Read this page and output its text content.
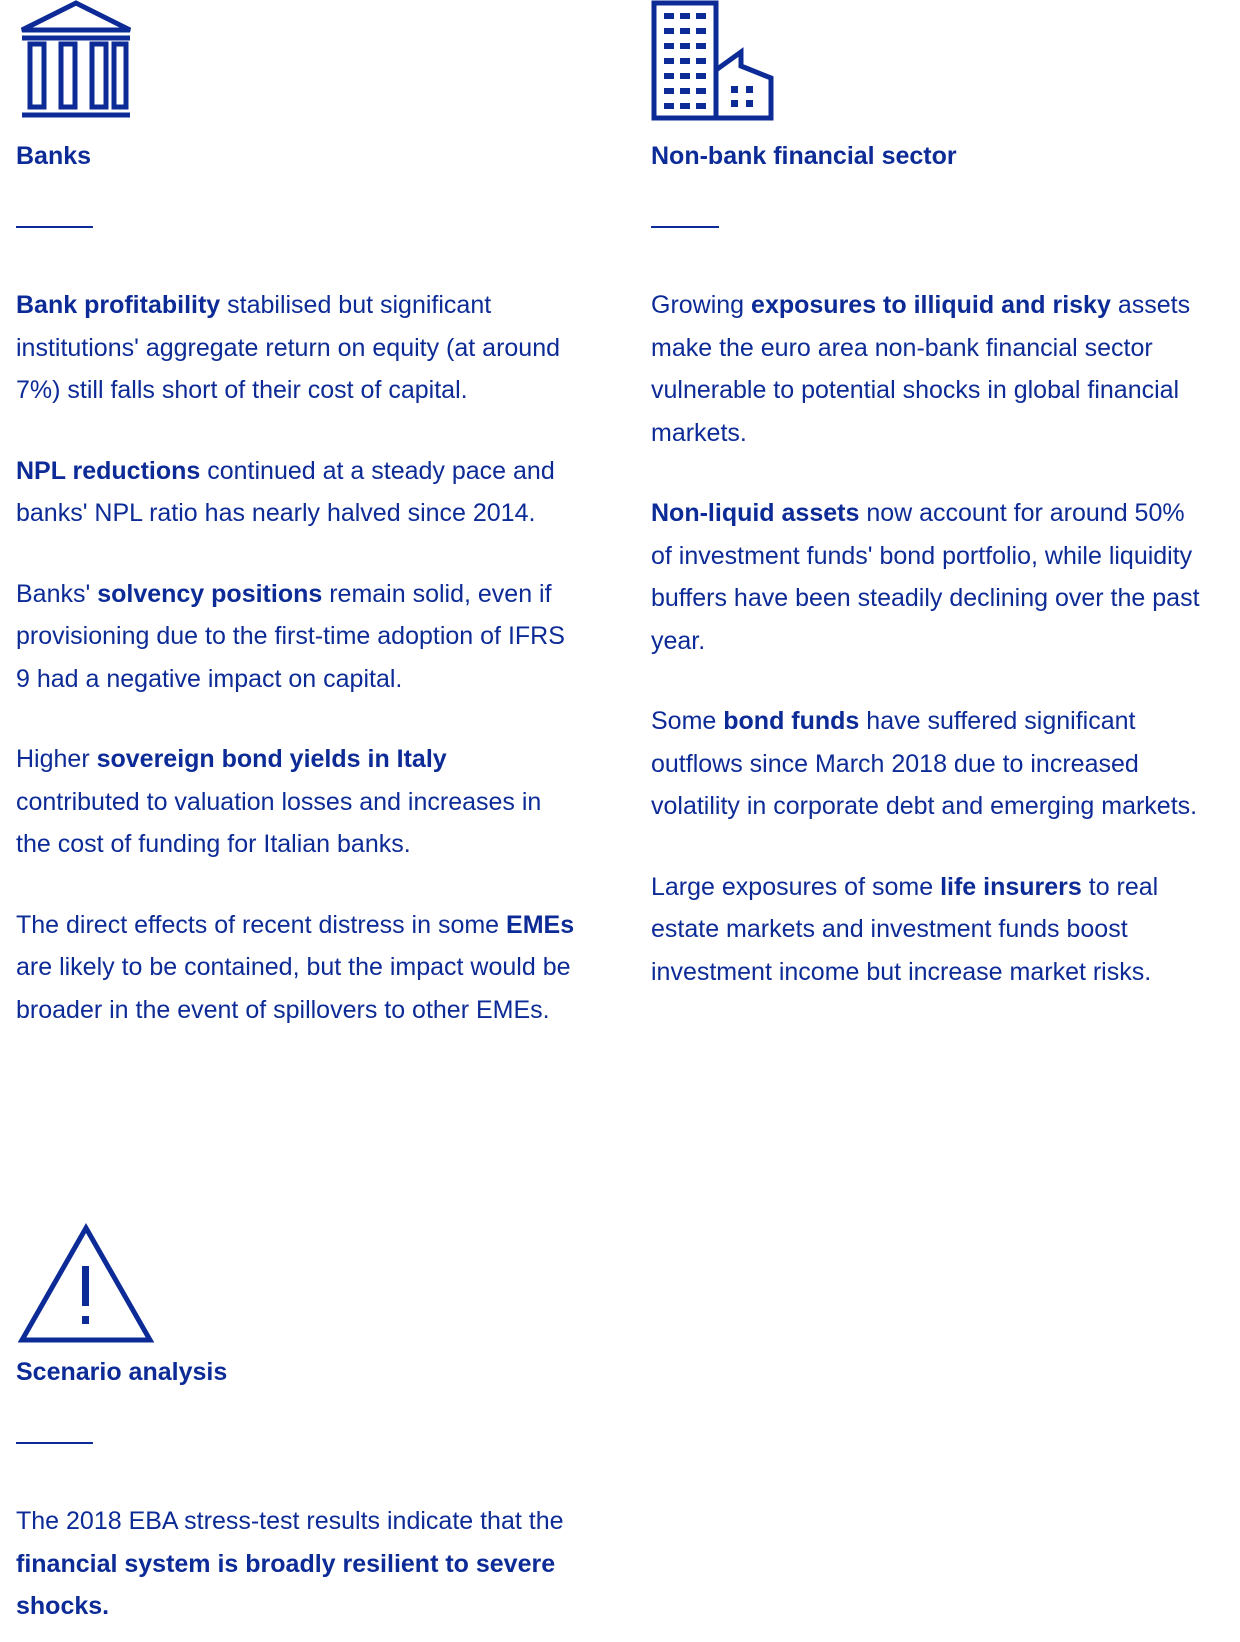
Banks

Bank profitability stabilised but significant institutions' aggregate return on equity (at around 7%) still falls short of their cost of capital.

NPL reductions continued at a steady pace and banks' NPL ratio has nearly halved since 2014.

Banks' solvency positions remain solid, even if provisioning due to the first-time adoption of IFRS 9 had a negative impact on capital.

Higher sovereign bond yields in Italy contributed to valuation losses and increases in the cost of funding for Italian banks.

The direct effects of recent distress in some EMEs are likely to be contained, but the impact would be broader in the event of spillovers to other EMEs.

Non-bank financial sector

Growing exposures to illiquid and risky assets make the euro area non-bank financial sector vulnerable to potential shocks in global financial markets.

Non-liquid assets now account for around 50% of investment funds' bond portfolio, while liquidity buffers have been steadily declining over the past year.

Some bond funds have suffered significant outflows since March 2018 due to increased volatility in corporate debt and emerging markets.

Large exposures of some life insurers to real estate markets and investment funds boost investment income but increase market risks.

Scenario analysis

The 2018 EBA stress-test results indicate that the financial system is broadly resilient to severe shocks.
